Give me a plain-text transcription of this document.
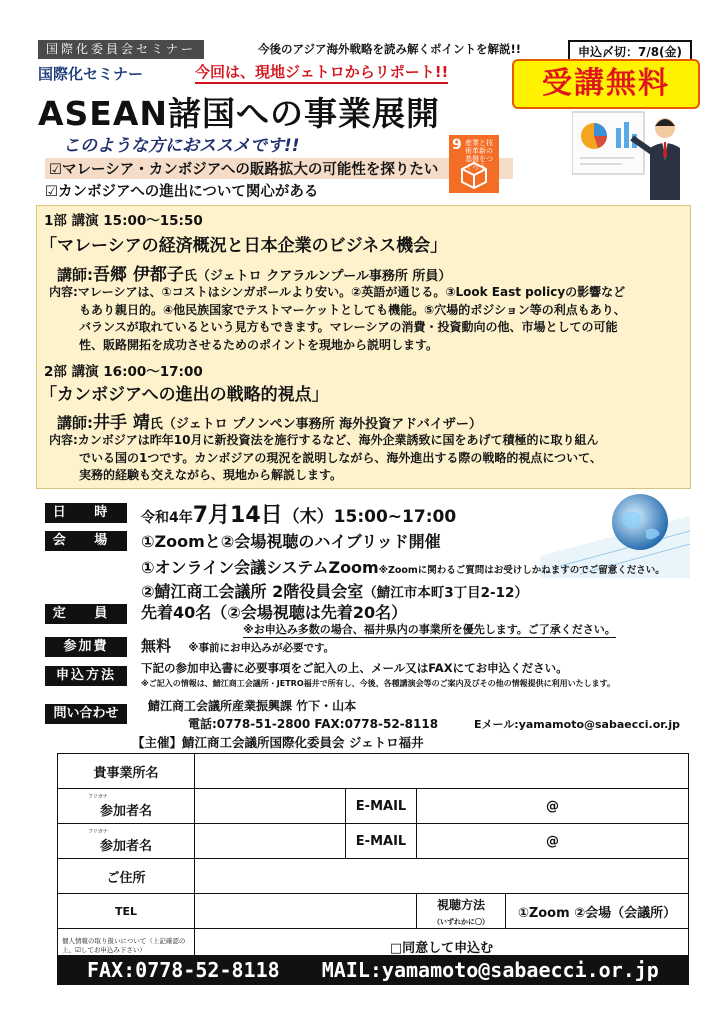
国際化委員会セミナー	今後のアジア海外戦略を読み解くポイントを解説!!	申込〆切：7/8(金)
国際化セミナー	今回は、現地ジェトロからリポート!!	受講無料
ASEAN諸国への事業展開
このような方におススメです!!
☑マレーシア・カンボジアへの販路拡大の可能性を探りたい
☑カンボジアへの進出について関心がある
9 産業と技術革新の基盤をつくろう
1部 講演 15:00〜15:50
「マレーシアの経済概況と日本企業のビジネス機会」
講師:吾郷 伊都子氏（ジェトロ クアラルンプール事務所 所員）

内容:マレーシアは、①コストはシンガポールより安い。②英語が通じる。③Look East policyの影響など

もあり親日的。④他民族国家でテストマーケットとしても機能。⑤穴場的ポジション等の利点もあり、

バランスが取れているという見方もできます。マレーシアの消費・投資動向の他、市場としての可能

性、販路開拓を成功させるためのポイントを現地から説明します。

2部 講演 16:00〜17:00
「カンボジアへの進出の戦略的視点」
講師:井手 靖氏（ジェトロ プノンペン事務所 海外投資アドバイザー）

内容:カンボジアは昨年10月に新投資法を施行するなど、海外企業誘致に国をあげて積極的に取り組ん

でいる国の1つです。カンボジアの現況を説明しながら、海外進出する際の戦略的視点について、

実務的経験も交えながら、現地から解説します。

日 時	令和4年7月14日（木）15:00~17:00
会 場	①Zoomと②会場視聴のハイブリッド開催
①オンライン会議システムZoom※Zoomに関わるご質問はお受けしかねますのでご留意ください。
②鯖江商工会議所 2階役員会室（鯖江市本町3丁目2-12）
定 員	先着40名（②会場視聴は先着20名）
※お申込み多数の場合、福井県内の事業所を優先します。ご了承ください。
参加費	無料 ※事前にお申込みが必要です。
申込方法	下記の参加申込書に必要事項をご記入の上、メール又はFAXにてお申込ください。
※ご記入の情報は、鯖江商工会議所・JETRO福井で所有し、今後、各種講演会等のご案内及びその他の情報提供に利用いたします。
問い合わせ	鯖江商工会議所産業振興課 竹下・山本
電話:0778-51-2800 FAX:0778-52-8118	Eメール:yamamoto@sabaecci.or.jp
【主催】鯖江商工会議所国際化委員会 ジェトロ福井
貴事業所名				

フリガナ
参加者名		E-MAIL	@	

フリガナ
参加者名		E-MAIL	@	
ご住所				
TEL			視聴方法
（いずれかに〇）	①Zoom ②会場（会議所）
個人情報の取り扱いについて（上記確認の上、☑してお申込み下さい）	□同意して申込む			
FAX:0778-52-8118 MAIL:yamamoto@sabaecci.or.jp
